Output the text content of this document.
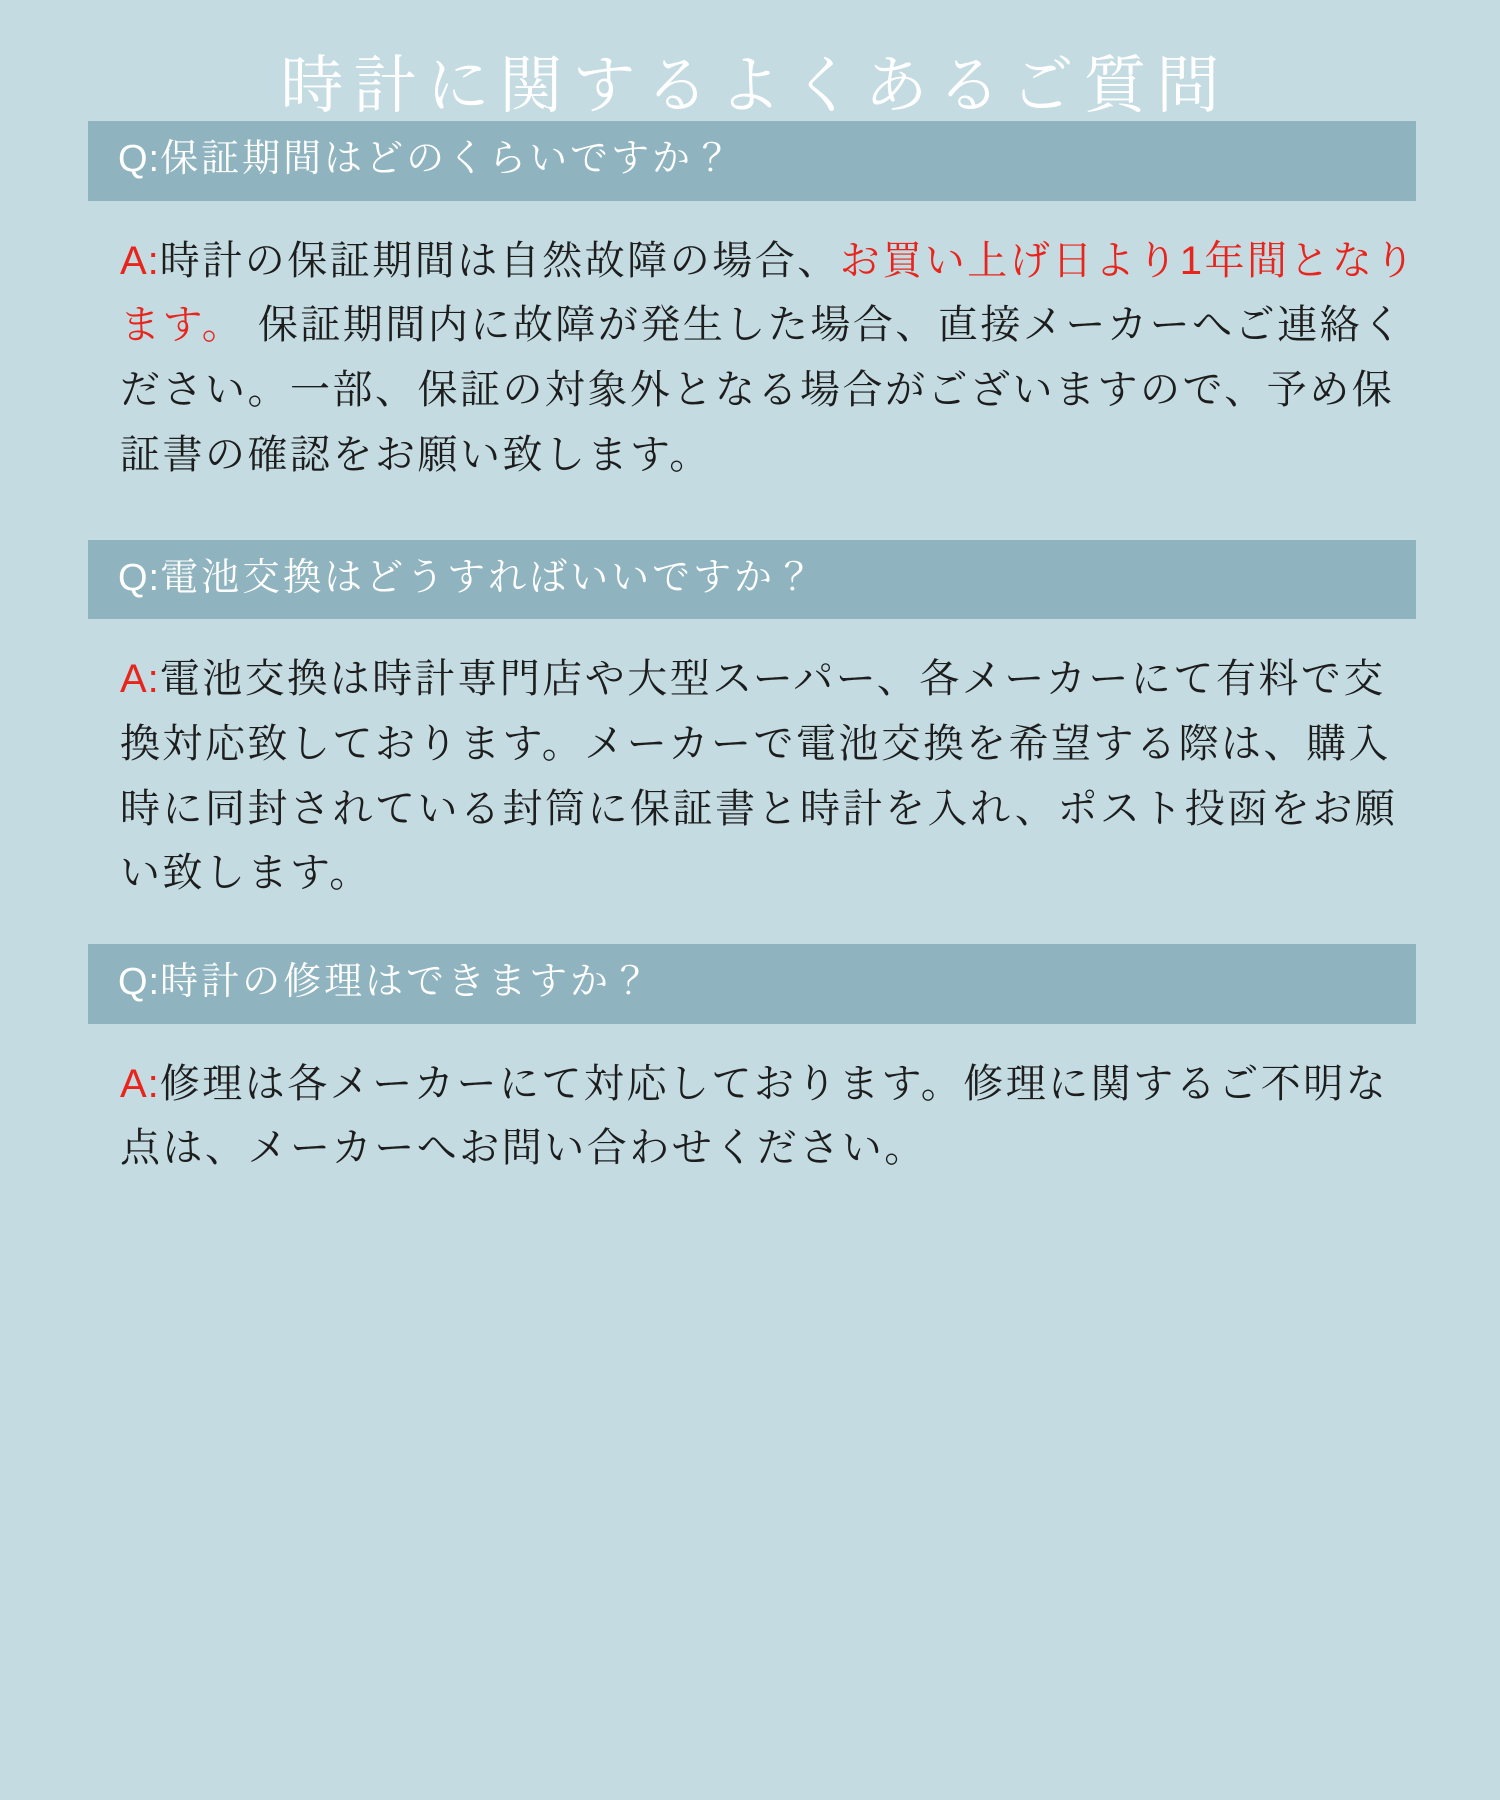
時計に関するよくあるご質問
Q:保証期間はどのくらいですか？
A:時計の保証期間は自然故障の場合、お買い上げ日より1年間となります。 保証期間内に故障が発生した場合、直接メーカーへご連絡ください。一部、保証の対象外となる場合がございますので、予め保証書の確認をお願い致します。
Q:電池交換はどうすればいいですか？
A:電池交換は時計専門店や大型スーパー、各メーカーにて有料で交換対応致しております。メーカーで電池交換を希望する際は、購入時に同封されている封筒に保証書と時計を入れ、ポスト投函をお願い致します。
Q:時計の修理はできますか？
A:修理は各メーカーにて対応しております。修理に関するご不明な点は、メーカーへお問い合わせください。
